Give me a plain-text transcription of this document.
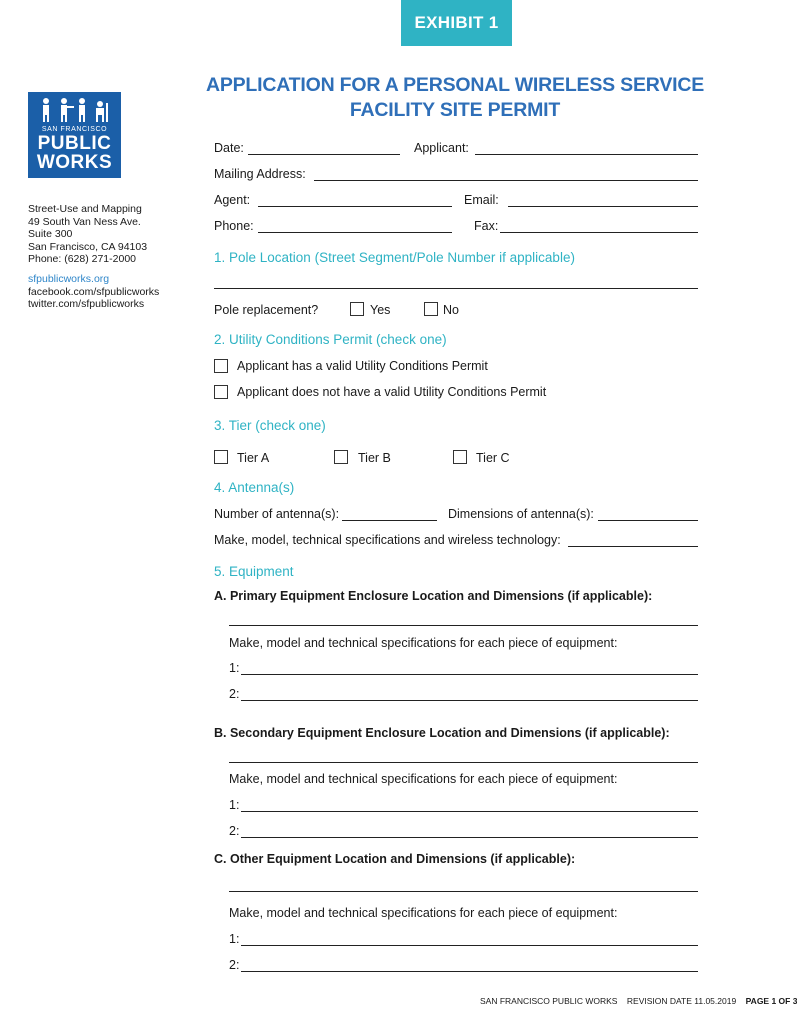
EXHIBIT 1
SAN FRANCISCO
PUBLIC
WORKS
Street-Use and Mapping
49 South Van Ness Ave.
Suite 300
San Francisco, CA 94103
Phone: (628) 271-2000
sfpublicworks.org
facebook.com/sfpublicworks
twitter.com/sfpublicworks
APPLICATION FOR A PERSONAL WIRELESS SERVICE
FACILITY SITE PERMIT
Date:	Applicant:
Mailing Address:
Agent:	Email:
Phone:	Fax:
1. Pole Location (Street Segment/Pole Number if applicable)
Pole replacement?	Yes	No
2. Utility Conditions Permit (check one)
Applicant has a valid Utility Conditions Permit
Applicant does not have a valid Utility Conditions Permit
3. Tier (check one)
Tier A	Tier B	Tier C
4. Antenna(s)
Number of antenna(s):	Dimensions of antenna(s):
Make, model, technical specifications and wireless technology:
5. Equipment
A. Primary Equipment Enclosure Location and Dimensions (if applicable):
Make, model and technical specifications for each piece of equipment:
1:
2:
B. Secondary Equipment Enclosure Location and Dimensions (if applicable):
Make, model and technical specifications for each piece of equipment:
1:
2:
C. Other Equipment Location and Dimensions (if applicable):
Make, model and technical specifications for each piece of equipment:
1:
2:
SAN FRANCISCO PUBLIC WORKS REVISION DATE 11.05.2019 PAGE 1 OF 3
